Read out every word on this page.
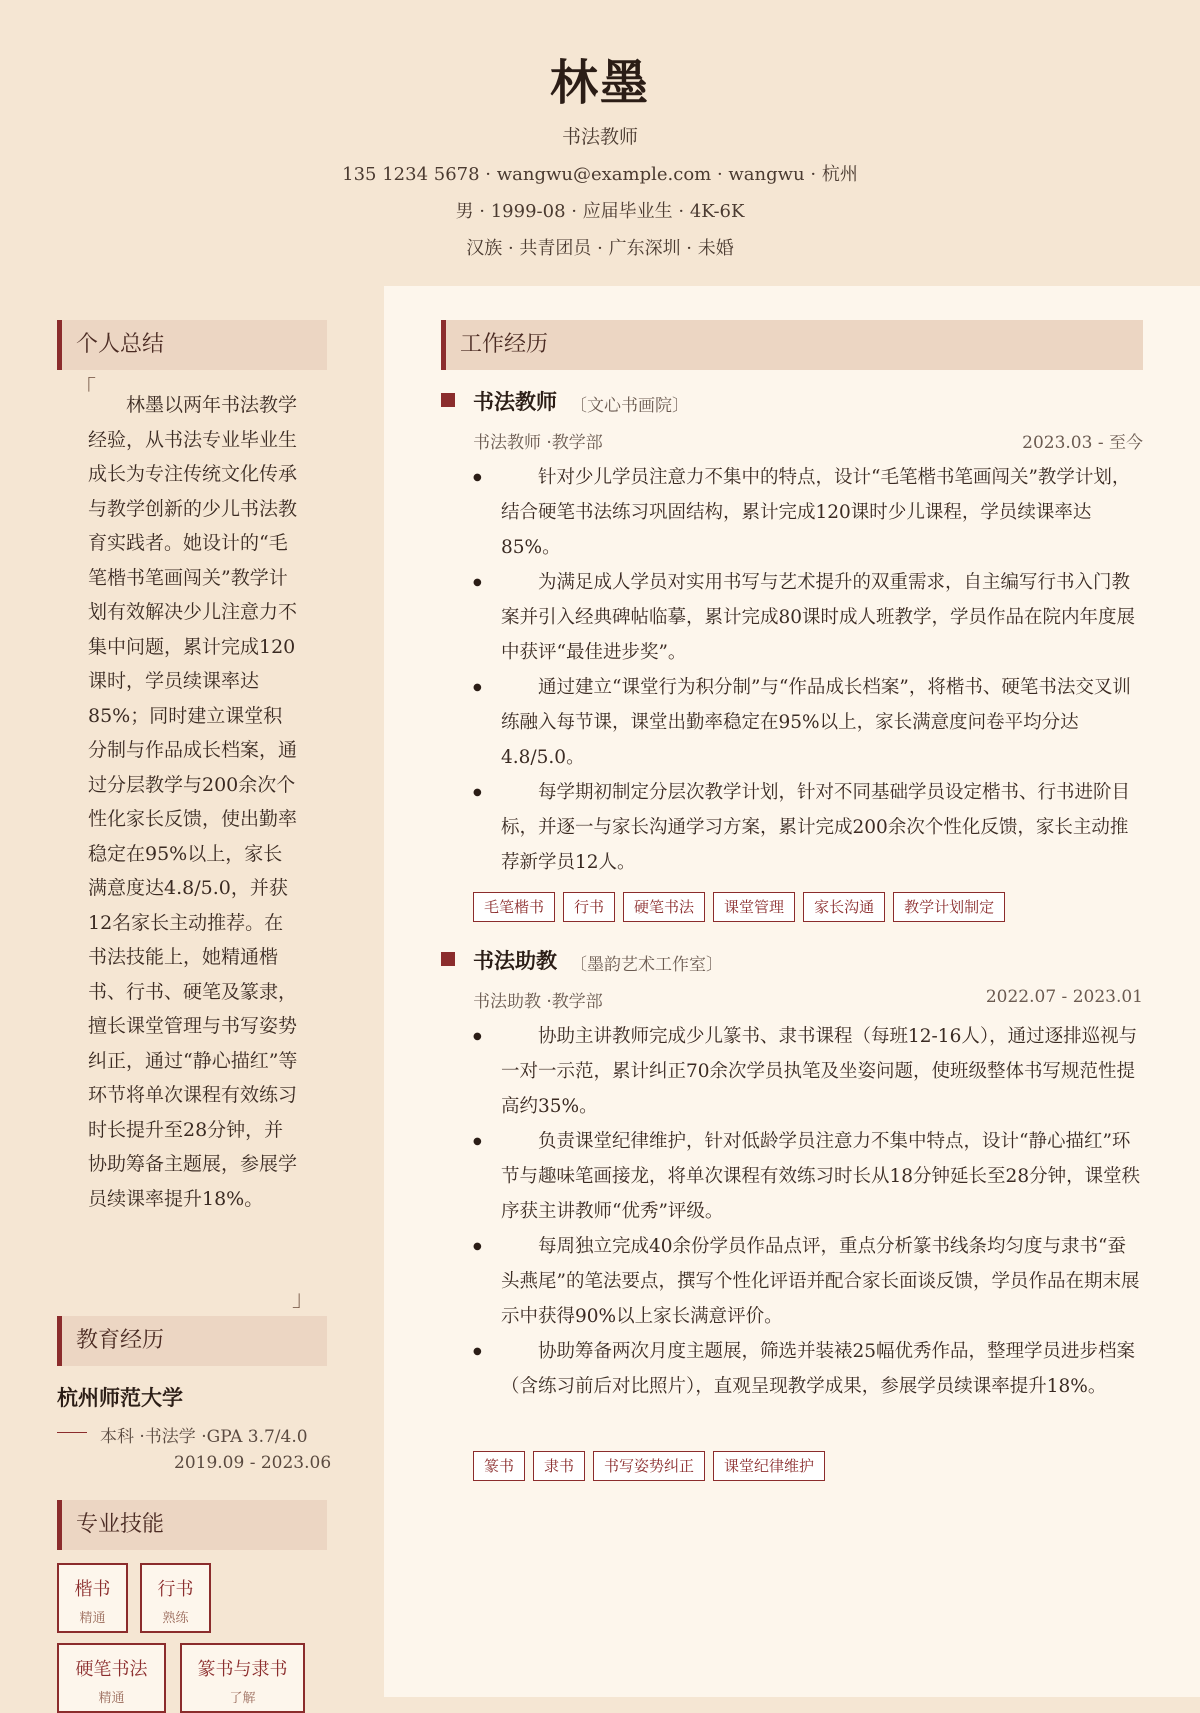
林墨
书法教师
135 1234 5678 · wangwu@example.com · wangwu · 杭州
男 · 1999-08 · 应届毕业生 · 4K-6K
汉族 · 共青团员 · 广东深圳 · 未婚
个人总结
「
林墨以两年书法教学经验，从书法专业毕业生成长为专注传统文化传承与教学创新的少儿书法教育实践者。她设计的“毛笔楷书笔画闯关”教学计划有效解决少儿注意力不集中问题，累计完成120课时，学员续课率达85%；同时建立课堂积分制与作品成长档案，通过分层教学与200余次个性化家长反馈，使出勤率稳定在95%以上，家长满意度达4.8/5.0，并获12名家长主动推荐。在书法技能上，她精通楷书、行书、硬笔及篆隶，擅长课堂管理与书写姿势纠正，通过“静心描红”等环节将单次课程有效练习时长提升至28分钟，并协助筹备主题展，参展学员续课率提升18%。
」
教育经历
杭州师范大学
本科 ·书法学 ·GPA 3.7/4.0
2019.09 - 2023.06
专业技能
楷书
精通
行书
熟练
硬笔书法
精通
篆书与隶书
了解
工作经历
书法教师 〔文心书画院〕
书法教师 ·教学部	2023.03 - 至今
● 针对少儿学员注意力不集中的特点，设计“毛笔楷书笔画闯关”教学计划，结合硬笔书法练习巩固结构，累计完成120课时少儿课程，学员续课率达85%。
● 为满足成人学员对实用书写与艺术提升的双重需求，自主编写行书入门教案并引入经典碑帖临摹，累计完成80课时成人班教学，学员作品在院内年度展中获评“最佳进步奖”。
● 通过建立“课堂行为积分制”与“作品成长档案”，将楷书、硬笔书法交叉训练融入每节课，课堂出勤率稳定在95%以上，家长满意度问卷平均分达4.8/5.0。
● 每学期初制定分层次教学计划，针对不同基础学员设定楷书、行书进阶目标，并逐一与家长沟通学习方案，累计完成200余次个性化反馈，家长主动推荐新学员12人。
毛笔楷书	行书	硬笔书法	课堂管理	家长沟通	教学计划制定
书法助教 〔墨韵艺术工作室〕
书法助教 ·教学部	2022.07 - 2023.01
● 协助主讲教师完成少儿篆书、隶书课程（每班12-16人），通过逐排巡视与一对一示范，累计纠正70余次学员执笔及坐姿问题，使班级整体书写规范性提高约35%。
● 负责课堂纪律维护，针对低龄学员注意力不集中特点，设计“静心描红”环节与趣味笔画接龙，将单次课程有效练习时长从18分钟延长至28分钟，课堂秩序获主讲教师“优秀”评级。
● 每周独立完成40余份学员作品点评，重点分析篆书线条均匀度与隶书“蚕头燕尾”的笔法要点，撰写个性化评语并配合家长面谈反馈，学员作品在期末展示中获得90%以上家长满意评价。
● 协助筹备两次月度主题展，筛选并装裱25幅优秀作品，整理学员进步档案（含练习前后对比照片），直观呈现教学成果，参展学员续课率提升18%。
篆书	隶书	书写姿势纠正	课堂纪律维护
